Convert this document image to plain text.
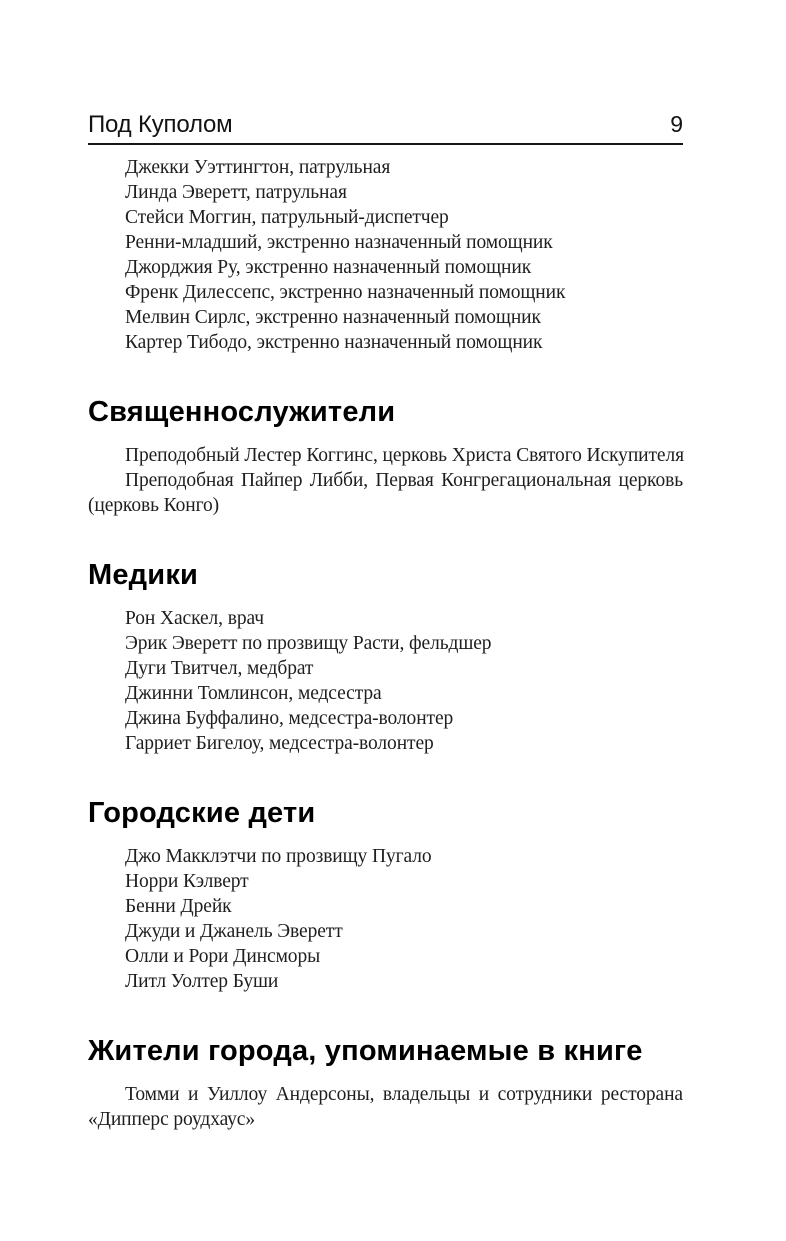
Под Куполом	9
Джекки Уэттингтон, патрульная
Линда Эверетт, патрульная
Стейси Моггин, патрульный-диспетчер
Ренни-младший, экстренно назначенный помощник
Джорджия Ру, экстренно назначенный помощник
Френк Дилессепс, экстренно назначенный помощник
Мелвин Сирлс, экстренно назначенный помощник
Картер Тибодо, экстренно назначенный помощник
Священнослужители
Преподобный Лестер Коггинс, церковь Христа Святого Искупителя
Преподобная Пайпер Либби, Первая Конгрегациональная церковь
(церковь Конго)
Медики
Рон Хаскел, врач
Эрик Эверетт по прозвищу Расти, фельдшер
Дуги Твитчел, медбрат
Джинни Томлинсон, медсестра
Джина Буффалино, медсестра-волонтер
Гарриет Бигелоу, медсестра-волонтер
Городские дети
Джо Макклэтчи по прозвищу Пугало
Норри Кэлверт
Бенни Дрейк
Джуди и Джанель Эверетт
Олли и Рори Динсморы
Литл Уолтер Буши
Жители города, упоминаемые в книге
Томми и Уиллоу Андерсоны, владельцы и сотрудники ресторана
«Дипперс роудхаус»
